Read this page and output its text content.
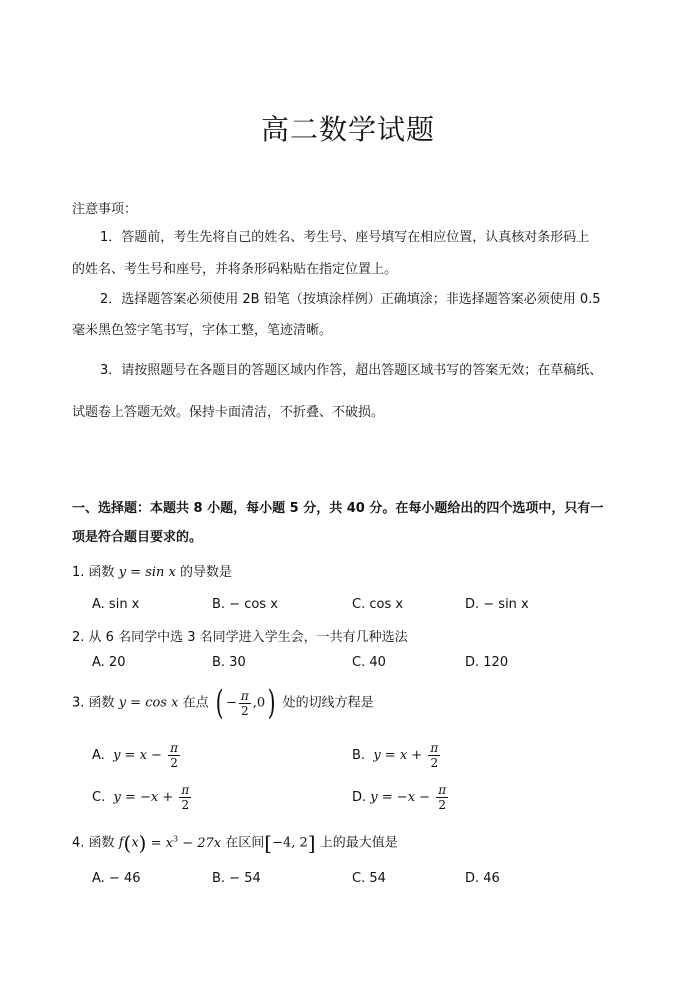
高二数学试题
注意事项：
1．答题前，考生先将自己的姓名、考生号、座号填写在相应位置，认真核对条形码上
的姓名、考生号和座号，并将条形码粘贴在指定位置上。
2．选择题答案必须使用 2B 铅笔（按填涂样例）正确填涂；非选择题答案必须使用 0.5
毫米黑色签字笔书写，字体工整，笔迹清晰。
3．请按照题号在各题目的答题区域内作答，超出答题区域书写的答案无效；在草稿纸、
试题卷上答题无效。保持卡面清洁，不折叠、不破损。
一、选择题：本题共 8 小题，每小题 5 分，共 40 分。在每小题给出的四个选项中，只有一
项是符合题目要求的。
1. 函数 y = sin x 的导数是
A. sin x	B. − cos x	C. cos x	D. − sin x
2. 从 6 名同学中选 3 名同学进入学生会，一共有几种选法
A. 20	B. 30	C. 40	D. 120
3. 函数 y = cos x 在点 ( − $\frac{\pi}{2} ,0$) 处的切线方程是
A. $y = x - \frac{\pi}{2}$	B. $y = x + \frac{\pi}{2}$
C. $y = -x + \frac{\pi}{2}$	D. $y = -x - \frac{\pi}{2}$
4. 函数 $f(x) = x^3 - 27x$ 在区间[−4, 2] 上的最大值是
A. − 46	B. − 54	C. 54	D. 46
